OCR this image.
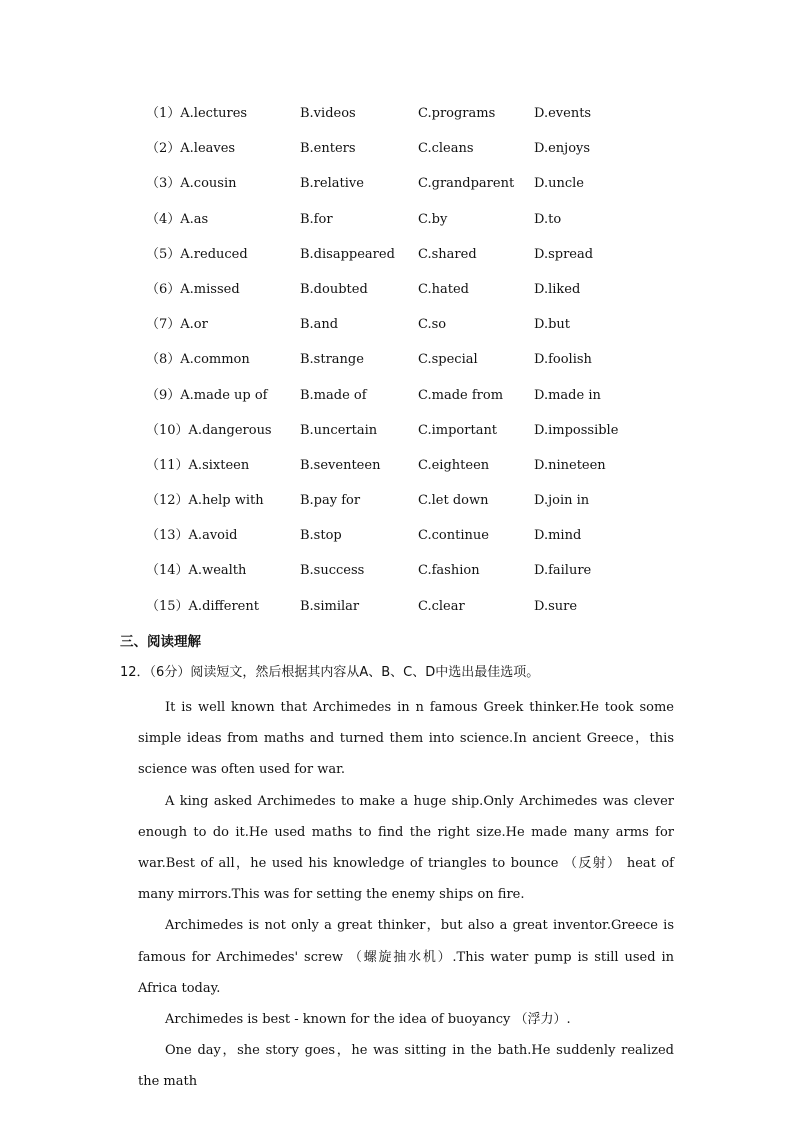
（1）A.lectures	B.videos	C.programs	D.events
（2）A.leaves	B.enters	C.cleans	D.enjoys
（3）A.cousin	B.relative	C.grandparent D.uncle
（4）A.as	B.for	C.by	D.to
（5）A.reduced	B.disappeared C.shared	D.spread
（6）A.missed	B.doubted	C.hated	D.liked
（7）A.or	B.and	C.so	D.but
（8）A.common	B.strange	C.special	D.foolish
（9）A.made up of	B.made of	C.made from D.made in
（10）A.dangerous B.uncertain	C.important	D.impossible
（11）A.sixteen	B.seventeen	C.eighteen	D.nineteen
（12）A.help with	B.pay for	C.let down	D.join in
（13）A.avoid	B.stop	C.continue	D.mind
（14）A.wealth	B.success	C.fashion	D.failure
（15）A.different	B.similar	C.clear	D.sure
三、阅读理解
12．（6分）阅读短文，然后根据其内容从A、B、C、D中选出最佳选项。

It is well known that Archimedes in n famous Greek thinker.He took some simple ideas from maths and turned them into science.In ancient Greece，this science was often used for war.

A king asked Archimedes to make a huge ship.Only Archimedes was clever enough to do it.He used maths to find the right size.He made many arms for war.Best of all，he used his knowledge of triangles to bounce （反射） heat of many mirrors.This was for setting the enemy ships on fire.

Archimedes is not only a great thinker，but also a great inventor.Greece is famous for Archimedes' screw （螺旋抽水机）.This water pump is still used in Africa today.

Archimedes is best - known for the idea of buoyancy （浮力）.

One day，she story goes，he was sitting in the bath.He suddenly realized the math
